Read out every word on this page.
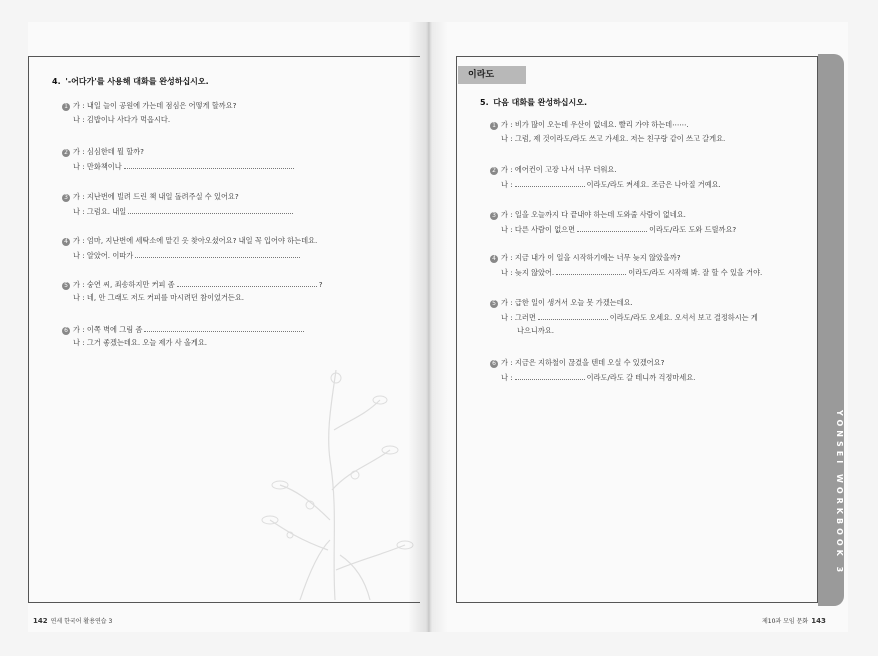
YONSEI WORKBOOK 3
4. '-어다가'를 사용해 대화를 완성하십시오.
1 가 : 내일 늘이 공원에 가는데 점심은 어떻게 할까요?
나 : 김밥이나 사다가 먹읍시다.
2 가 : 심심한데 뭘 할까?
나 : 만화책이나
3 가 : 지난번에 빌려 드린 책 내일 돌려주실 수 있어요?
나 : 그럼요. 내일
4 가 : 엄마, 지난번에 세탁소에 맡긴 옷 찾아오셨어요? 내일 꼭 입어야 하는데요.
나 : 알았어. 이따가
5 가 : 숭연 씨, 죄송하지만 커피 좀	?
나 : 네, 안 그래도 저도 커피를 마시려던 참이었거든요.
6 가 : 이쪽 벽에 그림 좀
나 : 그거 좋겠는데요. 오늘 제가 사 올게요.
142 연세 한국어 활용연습 3
이라도
5. 다음 대화를 완성하십시오.
1 가 : 비가 많이 오는데 우산이 없네요. 빨리 가야 하는데⋯⋯.
나 : 그럼, 제 것이라도/라도 쓰고 가세요. 저는 친구랑 같이 쓰고 갈게요.
2 가 : 에어컨이 고장 나서 너무 더워요.
나 :	이라도/라도 켜세요. 조금은 나아질 거예요.
3 가 : 일을 오늘까지 다 끝내야 하는데 도와줄 사람이 없네요.
나 : 다른 사람이 없으면	이라도/라도 도와 드릴까요?
4 가 : 지금 내가 이 일을 시작하기에는 너무 늦지 않았을까?
나 : 늦지 않았어.	이라도/라도 시작해 봐. 잘 할 수 있을 거야.
5 가 : 급한 일이 생겨서 오늘 못 가겠는데요.
나 : 그러면	이라도/라도 오세요. 오셔서 보고 결정하시는 게
나으니까요.
6 가 : 지금은 지하철이 끊겼을 텐데 오실 수 있겠어요?
나 :	이라도/라도 갈 테니까 걱정마세요.
제10과 모임 문화 143
